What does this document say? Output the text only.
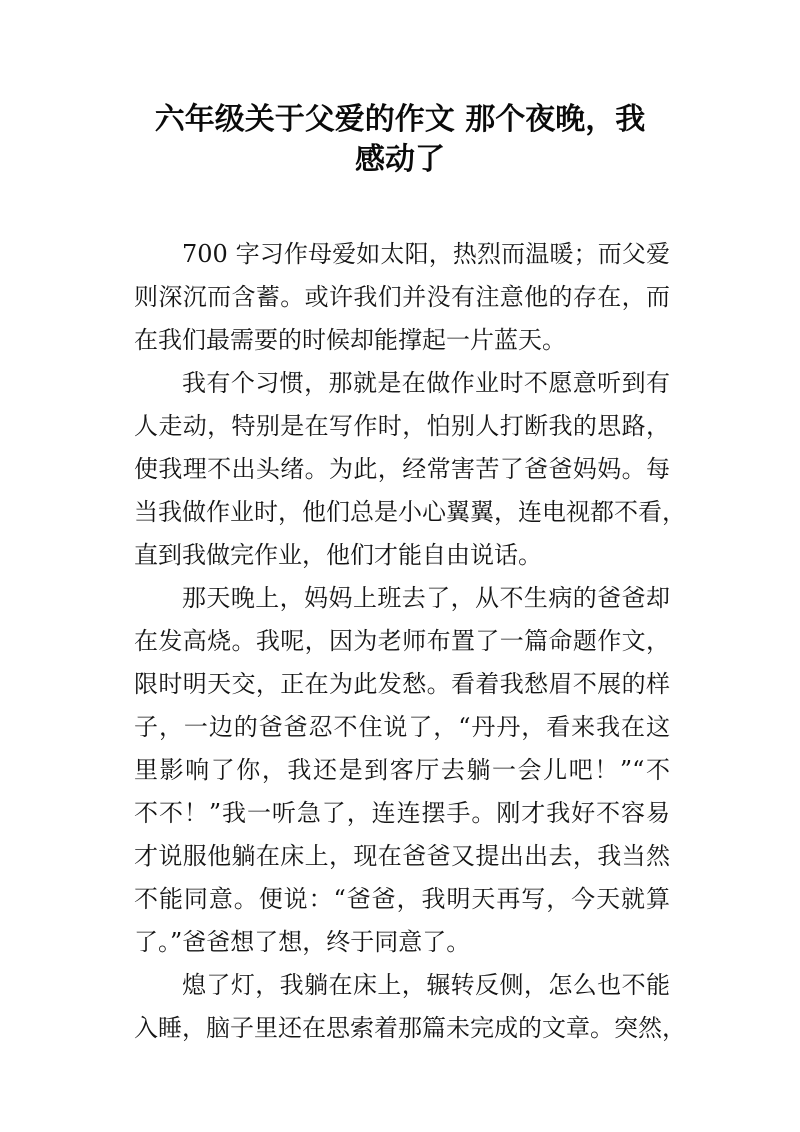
六年级关于父爱的作文 那个夜晚，我
感动了
700 字习作母爱如太阳，热烈而温暖；而父爱
则深沉而含蓄。或许我们并没有注意他的存在，而
在我们最需要的时候却能撑起一片蓝天。
我有个习惯，那就是在做作业时不愿意听到有
人走动，特别是在写作时，怕别人打断我的思路，
使我理不出头绪。为此，经常害苦了爸爸妈妈。每
当我做作业时，他们总是小心翼翼，连电视都不看，
直到我做完作业，他们才能自由说话。
那天晚上，妈妈上班去了，从不生病的爸爸却
在发高烧。我呢，因为老师布置了一篇命题作文，
限时明天交，正在为此发愁。看着我愁眉不展的样
子，一边的爸爸忍不住说了，“丹丹，看来我在这
里影响了你，我还是到客厅去躺一会儿吧！”“不
不不！”我一听急了，连连摆手。刚才我好不容易
才说服他躺在床上，现在爸爸又提出出去，我当然
不能同意。便说：“爸爸，我明天再写，今天就算
了。”爸爸想了想，终于同意了。
熄了灯，我躺在床上，辗转反侧，怎么也不能
入睡，脑子里还在思索着那篇未完成的文章。突然，
